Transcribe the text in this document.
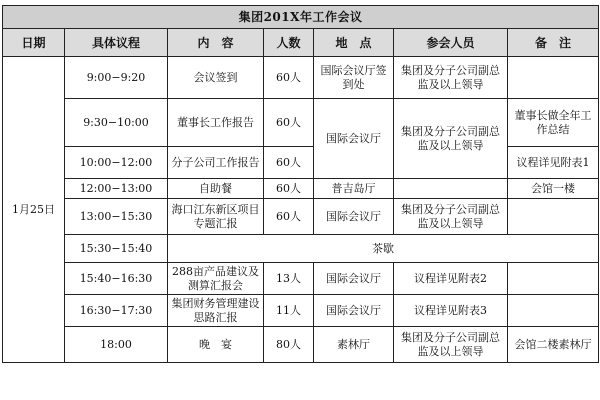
集团201X年工作会议						
日期	具体议程	内　容	人数	地　点	参会人员	备　注
1月25日	9:00−9:20	会议签到	60人	国际会议厅签到处	集团及分子公司副总监及以上领导	
	9:30−10:00	董事长工作报告	60人	国际会议厅	集团及分子公司副总监及以上领导	董事长做全年工作总结
	10:00−12:00	分子公司工作报告	60人			议程详见附表1
	12:00−13:00	自助餐	60人	普吉岛厅		会馆一楼
	13:00−15:30	海口江东新区项目专题汇报	60人	国际会议厅	集团及分子公司副总监及以上领导	
	15:30−15:40	茶歇				
	15:40−16:30	288亩产品建议及测算汇报会	13人	国际会议厅	议程详见附表2	
	16:30−17:30	集团财务管理建设思路汇报	11人	国际会议厅	议程详见附表3	
	18:00	晚　宴	80人	素林厅	集团及分子公司副总监及以上领导	会馆二楼素林厅
